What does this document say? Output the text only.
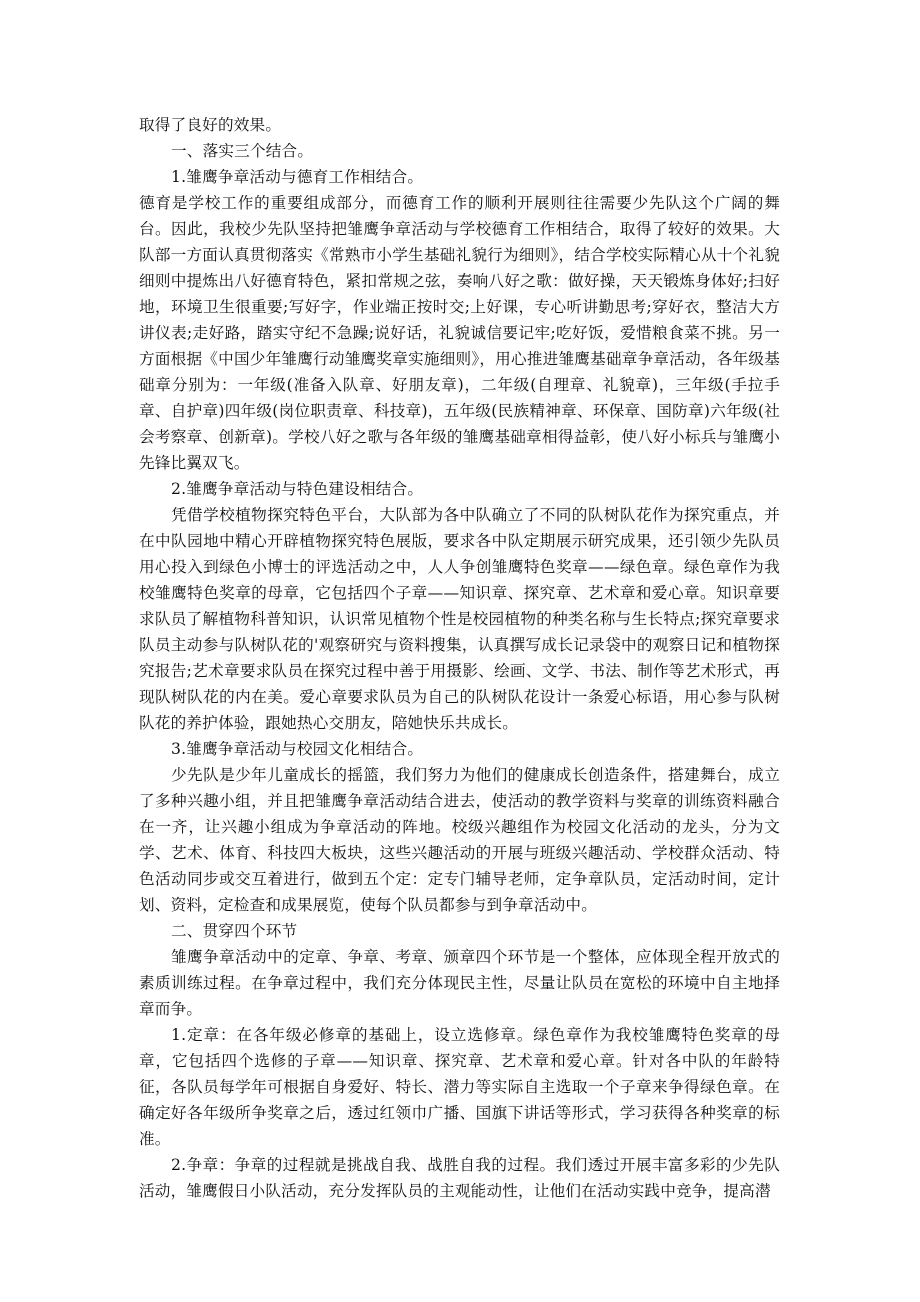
取得了良好的效果。

一、落实三个结合。

1.雏鹰争章活动与德育工作相结合。

德育是学校工作的重要组成部分，而德育工作的顺利开展则往往需要少先队这个广阔的舞台。因此，我校少先队坚持把雏鹰争章活动与学校德育工作相结合，取得了较好的效果。大队部一方面认真贯彻落实《常熟市小学生基础礼貌行为细则》，结合学校实际精心从十个礼貌细则中提炼出八好德育特色，紧扣常规之弦，奏响八好之歌：做好操，天天锻炼身体好;扫好地，环境卫生很重要;写好字，作业端正按时交;上好课，专心听讲勤思考;穿好衣，整洁大方讲仪表;走好路，踏实守纪不急躁;说好话，礼貌诚信要记牢;吃好饭，爱惜粮食菜不挑。另一方面根据《中国少年雏鹰行动雏鹰奖章实施细则》，用心推进雏鹰基础章争章活动，各年级基础章分别为：一年级(准备入队章、好朋友章)，二年级(自理章、礼貌章)，三年级(手拉手章、自护章)四年级(岗位职责章、科技章)，五年级(民族精神章、环保章、国防章)六年级(社会考察章、创新章)。学校八好之歌与各年级的雏鹰基础章相得益彰，使八好小标兵与雏鹰小先锋比翼双飞。

2.雏鹰争章活动与特色建设相结合。

凭借学校植物探究特色平台，大队部为各中队确立了不同的队树队花作为探究重点，并在中队园地中精心开辟植物探究特色展版，要求各中队定期展示研究成果，还引领少先队员用心投入到绿色小博士的评选活动之中，人人争创雏鹰特色奖章——绿色章。绿色章作为我校雏鹰特色奖章的母章，它包括四个子章——知识章、探究章、艺术章和爱心章。知识章要求队员了解植物科普知识，认识常见植物个性是校园植物的种类名称与生长特点;探究章要求队员主动参与队树队花的'观察研究与资料搜集，认真撰写成长记录袋中的观察日记和植物探究报告;艺术章要求队员在探究过程中善于用摄影、绘画、文学、书法、制作等艺术形式，再现队树队花的内在美。爱心章要求队员为自己的队树队花设计一条爱心标语，用心参与队树队花的养护体验，跟她热心交朋友，陪她快乐共成长。

3.雏鹰争章活动与校园文化相结合。

少先队是少年儿童成长的摇篮，我们努力为他们的健康成长创造条件，搭建舞台，成立了多种兴趣小组，并且把雏鹰争章活动结合进去，使活动的教学资料与奖章的训练资料融合在一齐，让兴趣小组成为争章活动的阵地。校级兴趣组作为校园文化活动的龙头，分为文学、艺术、体育、科技四大板块，这些兴趣活动的开展与班级兴趣活动、学校群众活动、特色活动同步或交互着进行，做到五个定：定专门辅导老师，定争章队员，定活动时间，定计划、资料，定检查和成果展览，使每个队员都参与到争章活动中。

二、贯穿四个环节

雏鹰争章活动中的定章、争章、考章、颁章四个环节是一个整体，应体现全程开放式的素质训练过程。在争章过程中，我们充分体现民主性，尽量让队员在宽松的环境中自主地择章而争。

1.定章：在各年级必修章的基础上，设立选修章。绿色章作为我校雏鹰特色奖章的母章，它包括四个选修的子章——知识章、探究章、艺术章和爱心章。针对各中队的年龄特征，各队员每学年可根据自身爱好、特长、潜力等实际自主选取一个子章来争得绿色章。在确定好各年级所争奖章之后，透过红领巾广播、国旗下讲话等形式，学习获得各种奖章的标准。

2.争章：争章的过程就是挑战自我、战胜自我的过程。我们透过开展丰富多彩的少先队活动，雏鹰假日小队活动，充分发挥队员的主观能动性，让他们在活动实践中竞争，提高潜
